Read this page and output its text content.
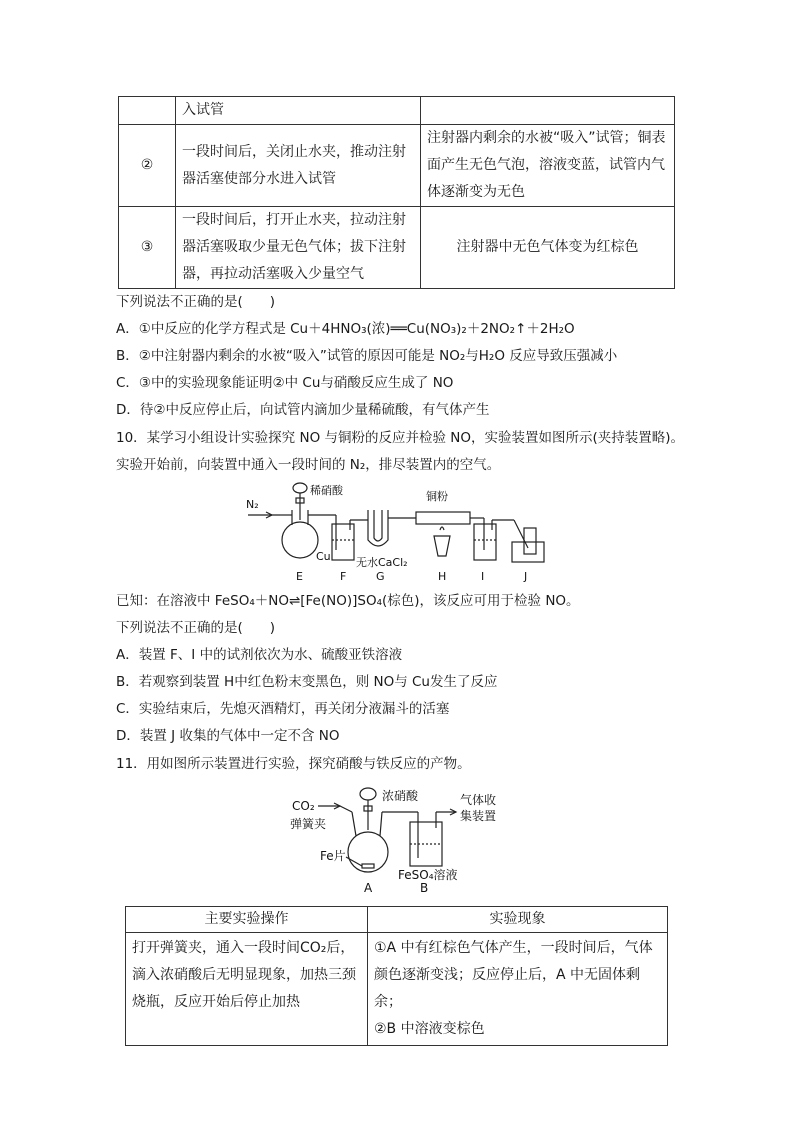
	入试管	
②	一段时间后，关闭止水夹，推动注射器活塞使部分水进入试管	注射器内剩余的水被“吸入”试管；铜表面产生无色气泡，溶液变蓝，试管内气体逐渐变为无色
③	一段时间后，打开止水夹，拉动注射器活塞吸取少量无色气体；拔下注射器，再拉动活塞吸入少量空气	注射器中无色气体变为红棕色
下列说法不正确的是(　　)
A．①中反应的化学方程式是 Cu＋4HNO₃(浓)══Cu(NO₃)₂＋2NO₂↑＋2H₂O
B．②中注射器内剩余的水被“吸入”试管的原因可能是 NO₂与H₂O 反应导致压强减小
C．③中的实验现象能证明②中 Cu与硝酸反应生成了 NO
D．待②中反应停止后，向试管内滴加少量稀硫酸，有气体产生
10．某学习小组设计实验探究 NO 与铜粉的反应并检验 NO，实验装置如图所示(夹持装置略)。
实验开始前，向装置中通入一段时间的 N₂，排尽装置内的空气。
N₂
稀硝酸
Cu 无水CaCl₂
铜粉
E	F	G	H	I	J
已知：在溶液中 FeSO₄＋NO⇌[Fe(NO)]SO₄(棕色)，该反应可用于检验 NO。
下列说法不正确的是(　　)
A．装置 F、I 中的试剂依次为水、硫酸亚铁溶液
B．若观察到装置 H中红色粉末变黑色，则 NO与 Cu发生了反应
C．实验结束后，先熄灭酒精灯，再关闭分液漏斗的活塞
D．装置 J 收集的气体中一定不含 NO
11．用如图所示装置进行实验，探究硝酸与铁反应的产物。
CO₂
弹簧夹
浓硝酸
Fe片
气体收
集装置
FeSO₄溶液
A	B
主要实验操作	实验现象
打开弹簧夹，通入一段时间CO₂后，滴入浓硝酸后无明显现象，加热三颈烧瓶，反应开始后停止加热	①A 中有红棕色气体产生，一段时间后，气体颜色逐渐变浅；反应停止后，A 中无固体剩余；
②B 中溶液变棕色
